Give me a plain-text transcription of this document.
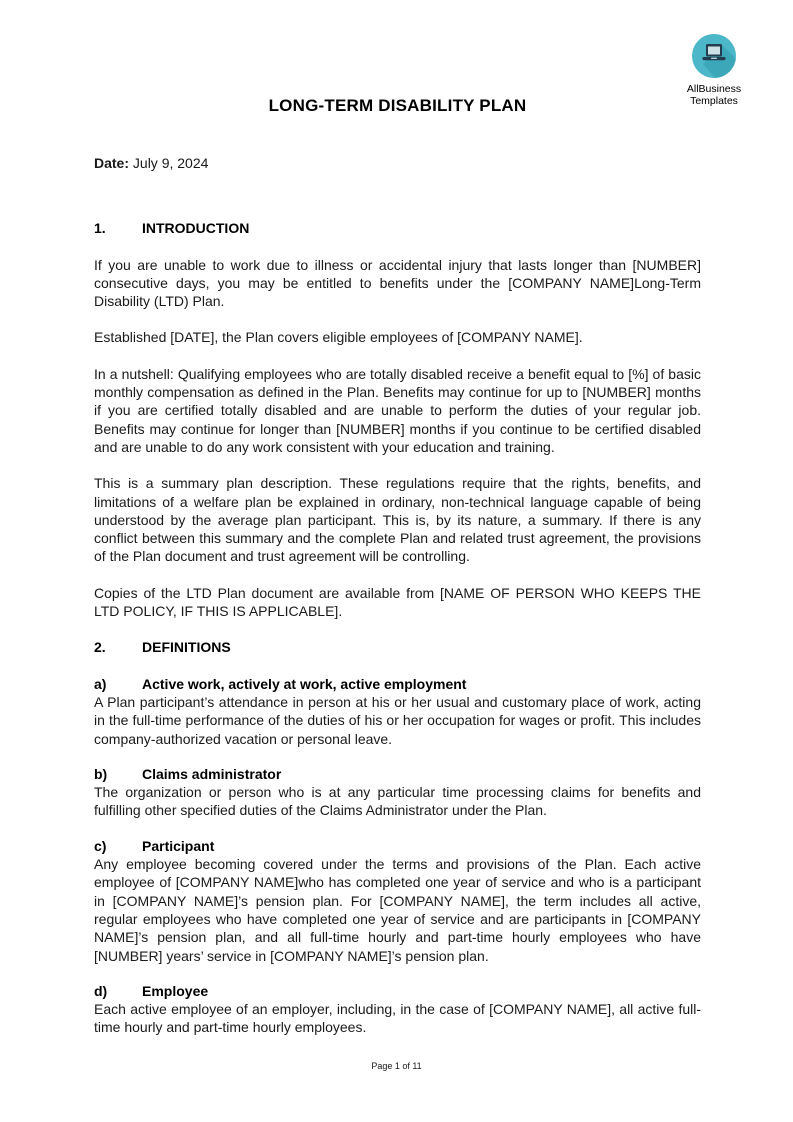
AllBusiness
Templates
LONG-TERM DISABILITY PLAN

Date: July 9, 2024

1.	INTRODUCTION

If you are unable to work due to illness or accidental injury that lasts longer than [NUMBER] consecutive days, you may be entitled to benefits under the [COMPANY NAME]Long-Term Disability (LTD) Plan.

Established [DATE], the Plan covers eligible employees of [COMPANY NAME].

In a nutshell: Qualifying employees who are totally disabled receive a benefit equal to [%] of basic monthly compensation as defined in the Plan. Benefits may continue for up to [NUMBER] months if you are certified totally disabled and are unable to perform the duties of your regular job. Benefits may continue for longer than [NUMBER] months if you continue to be certified disabled and are unable to do any work consistent with your education and training.

This is a summary plan description. These regulations require that the rights, benefits, and limitations of a welfare plan be explained in ordinary, non-technical language capable of being understood by the average plan participant. This is, by its nature, a summary. If there is any conflict between this summary and the complete Plan and related trust agreement, the provisions of the Plan document and trust agreement will be controlling.

Copies of the LTD Plan document are available from [NAME OF PERSON WHO KEEPS THE LTD POLICY, IF THIS IS APPLICABLE].

2.	DEFINITIONS
a)	Active work, actively at work, active employment

A Plan participant’s attendance in person at his or her usual and customary place of work, acting in the full-time performance of the duties of his or her occupation for wages or profit. This includes company-authorized vacation or personal leave.

b) Claims administrator

The organization or person who is at any particular time processing claims for benefits and fulfilling other specified duties of the Claims Administrator under the Plan.

c)	Participant

Any employee becoming covered under the terms and provisions of the Plan. Each active employee of [COMPANY NAME]who has completed one year of service and who is a participant in [COMPANY NAME]’s pension plan. For [COMPANY NAME], the term includes all active, regular employees who have completed one year of service and are participants in [COMPANY NAME]’s pension plan, and all full-time hourly and part-time hourly employees who have [NUMBER] years’ service in [COMPANY NAME]’s pension plan.

d) Employee

Each active employee of an employer, including, in the case of [COMPANY NAME], all active full-time hourly and part-time hourly employees.

Page 1 of 11
